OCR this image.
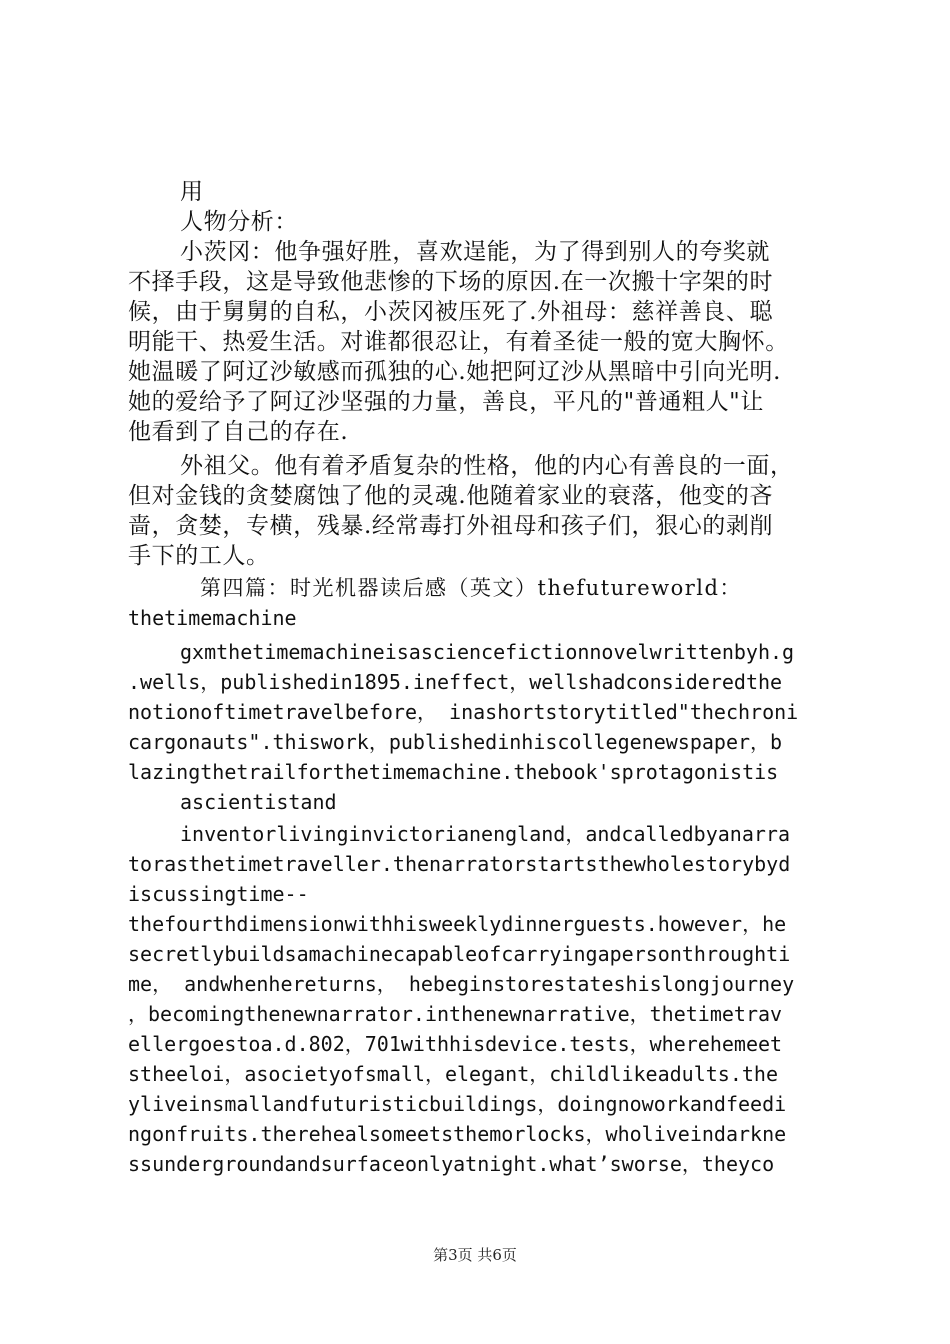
用
人物分析：
小茨冈：他争强好胜，喜欢逞能，为了得到别人的夸奖就
不择手段，这是导致他悲惨的下场的原因.在一次搬十字架的时
候，由于舅舅的自私，小茨冈被压死了.外祖母：慈祥善良、聪
明能干、热爱生活。对谁都很忍让，有着圣徒一般的宽大胸怀。
她温暖了阿辽沙敏感而孤独的心.她把阿辽沙从黑暗中引向光明.
她的爱给予了阿辽沙坚强的力量，善良，平凡的"普通粗人"让
他看到了自己的存在.
外祖父。他有着矛盾复杂的性格，他的内心有善良的一面，
但对金钱的贪婪腐蚀了他的灵魂.他随着家业的衰落，他变的吝
啬，贪婪，专横，残暴.经常毒打外祖母和孩子们，狠心的剥削
手下的工人。
第四篇：时光机器读后感（英文）thefutureworld：
thetimemachine
gxmthetimemachineisasciencefictionnovelwrittenbyh.g
.wells，publishedin1895.ineffect，wellshadconsideredthe
notionoftimetravelbefore， inashortstorytitled"thechroni
cargonauts".thiswork，publishedinhiscollegenewspaper，b
lazingthetrailforthetimemachine.thebook'sprotagonistis
ascientistand
inventorlivinginvictorianengland，andcalledbyanarra
torasthetimetraveller.thenarratorstartsthewholestorybyd
iscussingtime--
thefourthdimensionwithhisweeklydinnerguests.however，he
secretlybuildsamachinecapableofcarryingapersonthroughti
me， andwhenhereturns， hebeginstorestateshislongjourney
，becomingthenewnarrator.inthenewnarrative，thetimetrav
ellergoestoa.d.802，701withhisdevice.tests，wherehemeet
stheeloi，asocietyofsmall，elegant，childlikeadults.the
yliveinsmallandfuturisticbuildings，doingnoworkandfeedi
ngonfruits.therehealsomeetsthemorlocks，wholiveindarkne
ssundergroundandsurfaceonlyatnight.what’sworse，theyco
第3页 共6页
